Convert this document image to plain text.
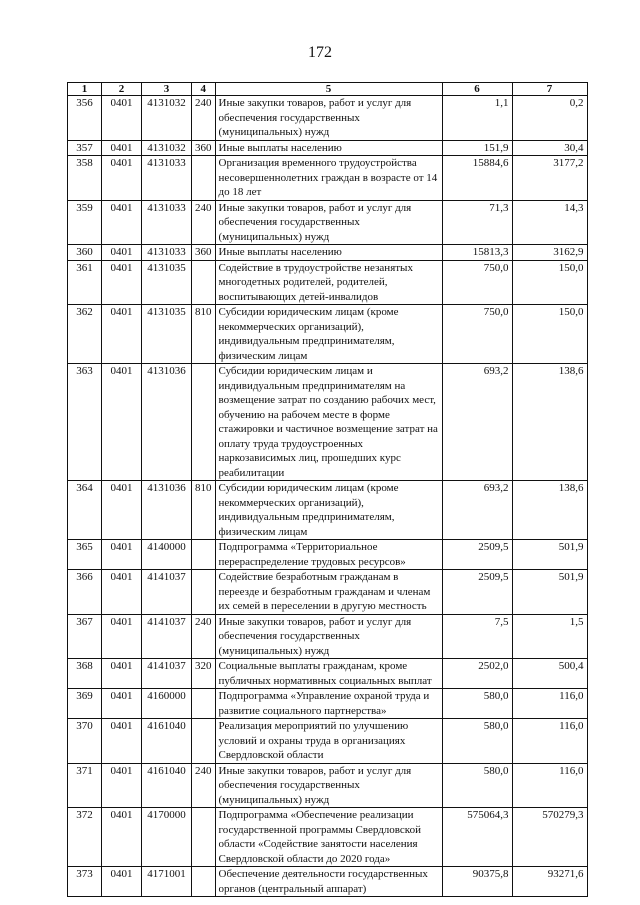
172
1	2	3	4	5	6	7
356	0401	4131032	240	Иные закупки товаров, работ и услуг для обеспечения государственных (муниципальных) нужд	1,1	0,2
357	0401	4131032	360	Иные выплаты населению	151,9	30,4
358	0401	4131033		Организация временного трудоустройства несовершеннолетних граждан в возрасте от 14 до 18 лет	15884,6	3177,2
359	0401	4131033	240	Иные закупки товаров, работ и услуг для обеспечения государственных (муниципальных) нужд	71,3	14,3
360	0401	4131033	360	Иные выплаты населению	15813,3	3162,9
361	0401	4131035		Содействие в трудоустройстве незанятых многодетных родителей, родителей, воспитывающих детей-инвалидов	750,0	150,0
362	0401	4131035	810	Субсидии юридическим лицам (кроме некоммерческих организаций), индивидуальным предпринимателям, физическим лицам	750,0	150,0
363	0401	4131036		Субсидии юридическим лицам и индивидуальным предпринимателям на возмещение затрат по созданию рабочих мест, обучению на рабочем месте в форме стажировки и частичное возмещение затрат на оплату труда трудоустроенных наркозависимых лиц, прошедших курс реабилитации	693,2	138,6
364	0401	4131036	810	Субсидии юридическим лицам (кроме некоммерческих организаций), индивидуальным предпринимателям, физическим лицам	693,2	138,6
365	0401	4140000		Подпрограмма «Территориальное перераспределение трудовых ресурсов»	2509,5	501,9
366	0401	4141037		Содействие безработным гражданам в переезде и безработным гражданам и членам их семей в переселении в другую местность	2509,5	501,9
367	0401	4141037	240	Иные закупки товаров, работ и услуг для обеспечения государственных (муниципальных) нужд	7,5	1,5
368	0401	4141037	320	Социальные выплаты гражданам, кроме публичных нормативных социальных выплат	2502,0	500,4
369	0401	4160000		Подпрограмма «Управление охраной труда и развитие социального партнерства»	580,0	116,0
370	0401	4161040		Реализация мероприятий по улучшению условий и охраны труда в организациях Свердловской области	580,0	116,0
371	0401	4161040	240	Иные закупки товаров, работ и услуг для обеспечения государственных (муниципальных) нужд	580,0	116,0
372	0401	4170000		Подпрограмма «Обеспечение реализации государственной программы Свердловской области «Содействие занятости населения Свердловской области до 2020 года»	575064,3	570279,3
373	0401	4171001		Обеспечение деятельности государственных органов (центральный аппарат)	90375,8	93271,6
